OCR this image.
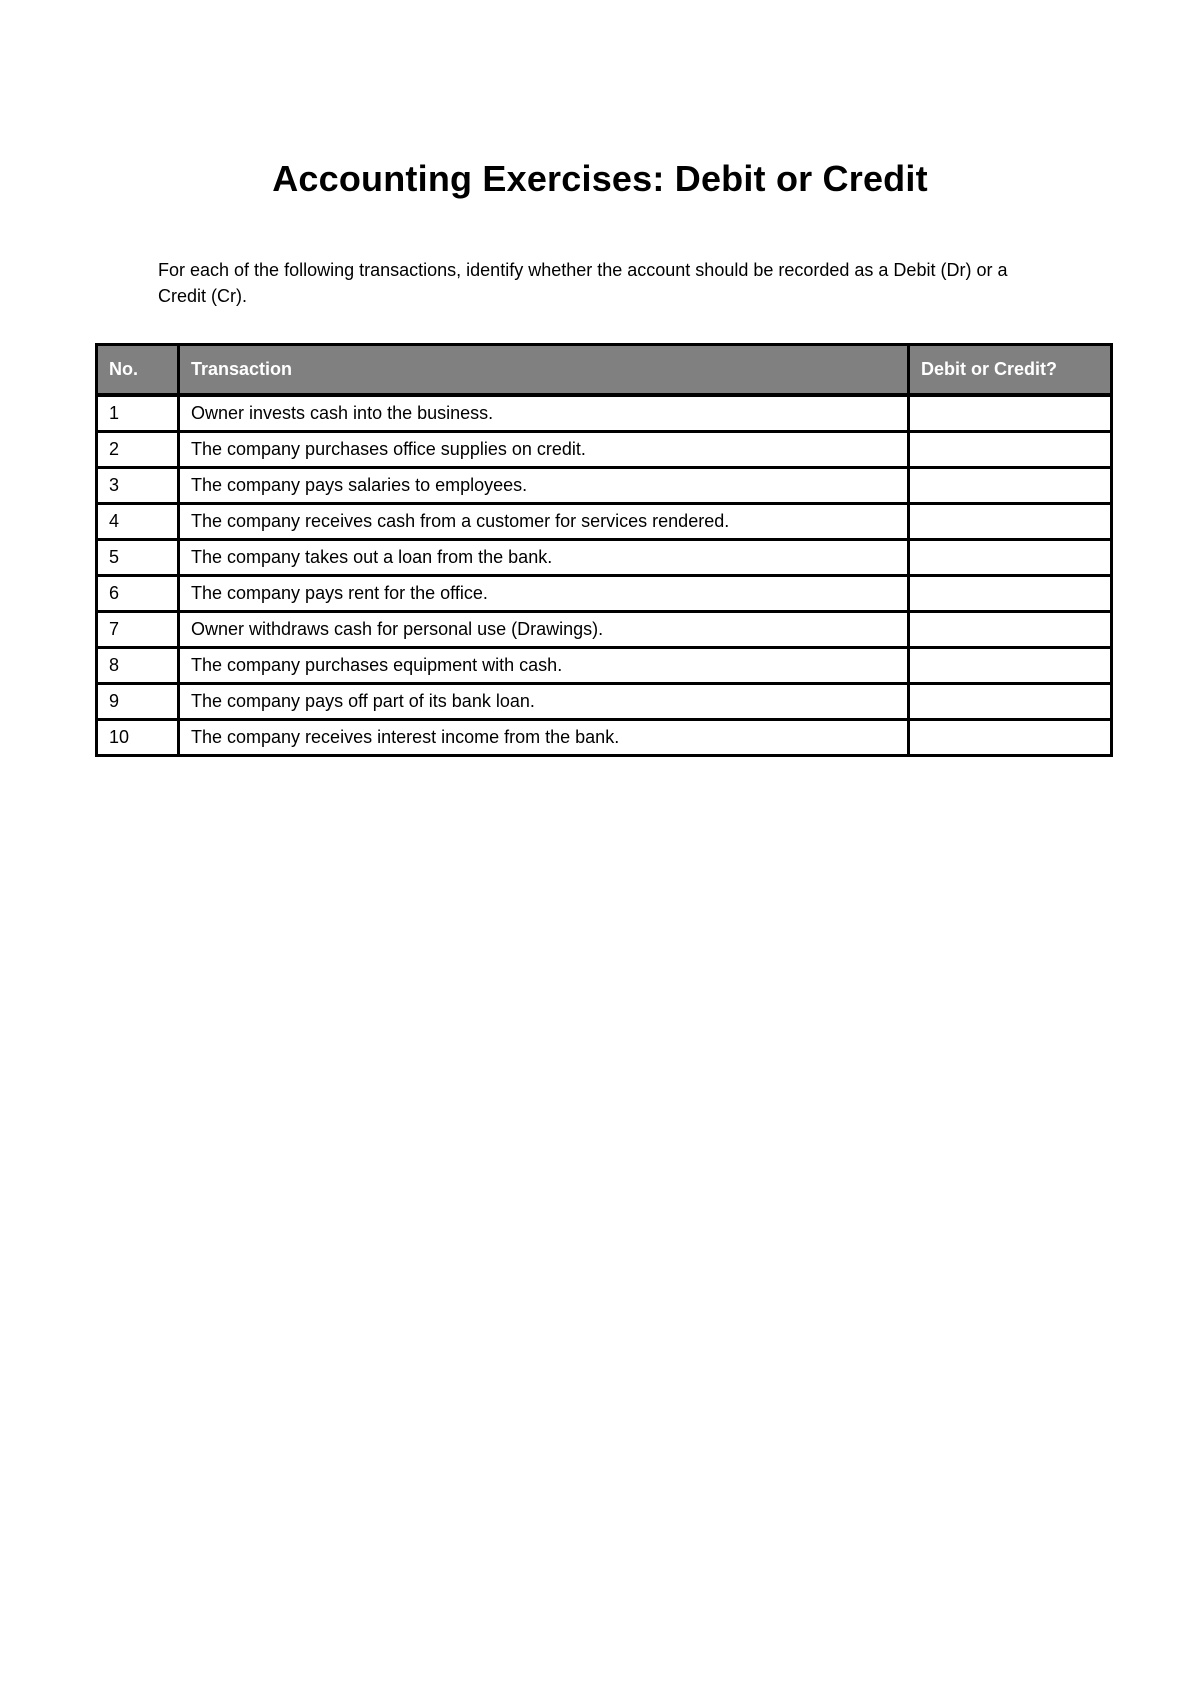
Accounting Exercises: Debit or Credit

For each of the following transactions, identify whether the account should be recorded as a Debit (Dr) or a Credit (Cr).

No.	Transaction	Debit or Credit?
1	Owner invests cash into the business.	
2	The company purchases office supplies on credit.	
3	The company pays salaries to employees.	
4	The company receives cash from a customer for services rendered.	
5	The company takes out a loan from the bank.	
6	The company pays rent for the office.	
7	Owner withdraws cash for personal use (Drawings).	
8	The company purchases equipment with cash.	
9	The company pays off part of its bank loan.	
10	The company receives interest income from the bank.	
